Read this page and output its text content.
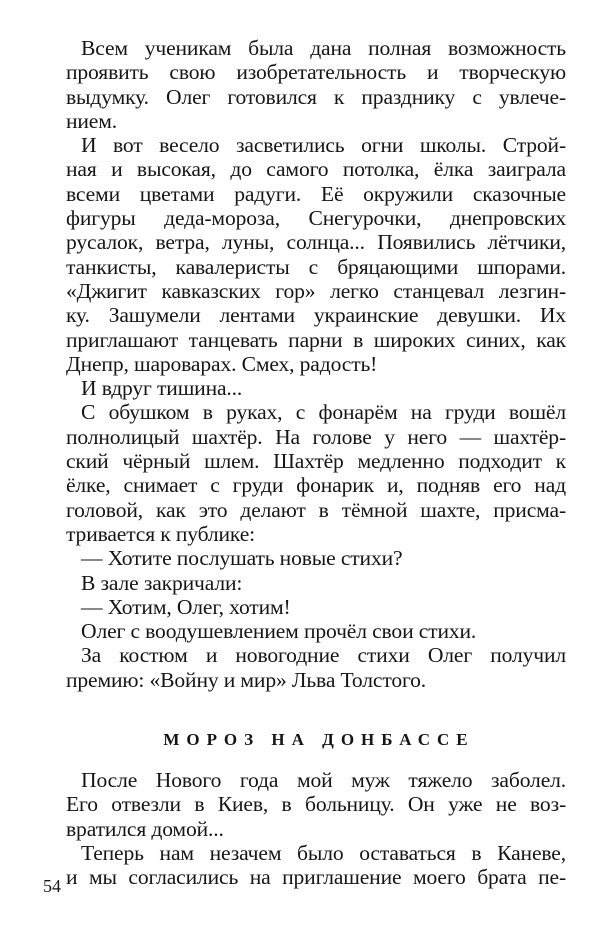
Всем ученикам была дана полная возможность
проявить свою изобретательность и творческую
выдумку. Олег готовился к празднику с увлече-
нием.

И вот весело засветились огни школы. Строй-
ная и высокая, до самого потолка, ёлка заиграла
всеми цветами радуги. Её окружили сказочные
фигуры деда-мороза, Снегурочки, днепровских
русалок, ветра, луны, солнца... Появились лётчики,
танкисты, кавалеристы с бряцающими шпорами.
«Джигит кавказских гор» легко станцевал лезгин-
ку. Зашумели лентами украинские девушки. Их
приглашают танцевать парни в широких синих, как
Днепр, шароварах. Смех, радость!

И вдруг тишина...

С обушком в руках, с фонарём на груди вошёл
полнолицый шахтёр. На голове у него — шахтёр-
ский чёрный шлем. Шахтёр медленно подходит к
ёлке, снимает с груди фонарик и, подняв его над
головой, как это делают в тёмной шахте, присма-
тривается к публике:

— Хотите послушать новые стихи?

В зале закричали:

— Хотим, Олег, хотим!

Олег с воодушевлением прочёл свои стихи.

За костюм и новогодние стихи Олег получил
премию: «Войну и мир» Льва Толстого.

МОРОЗ НА ДОНБАССЕ

После Нового года мой муж тяжело заболел.
Его отвезли в Киев, в больницу. Он уже не воз-
вратился домой...

Теперь нам незачем было оставаться в Каневе,
и мы согласились на приглашение моего брата пе-

54
